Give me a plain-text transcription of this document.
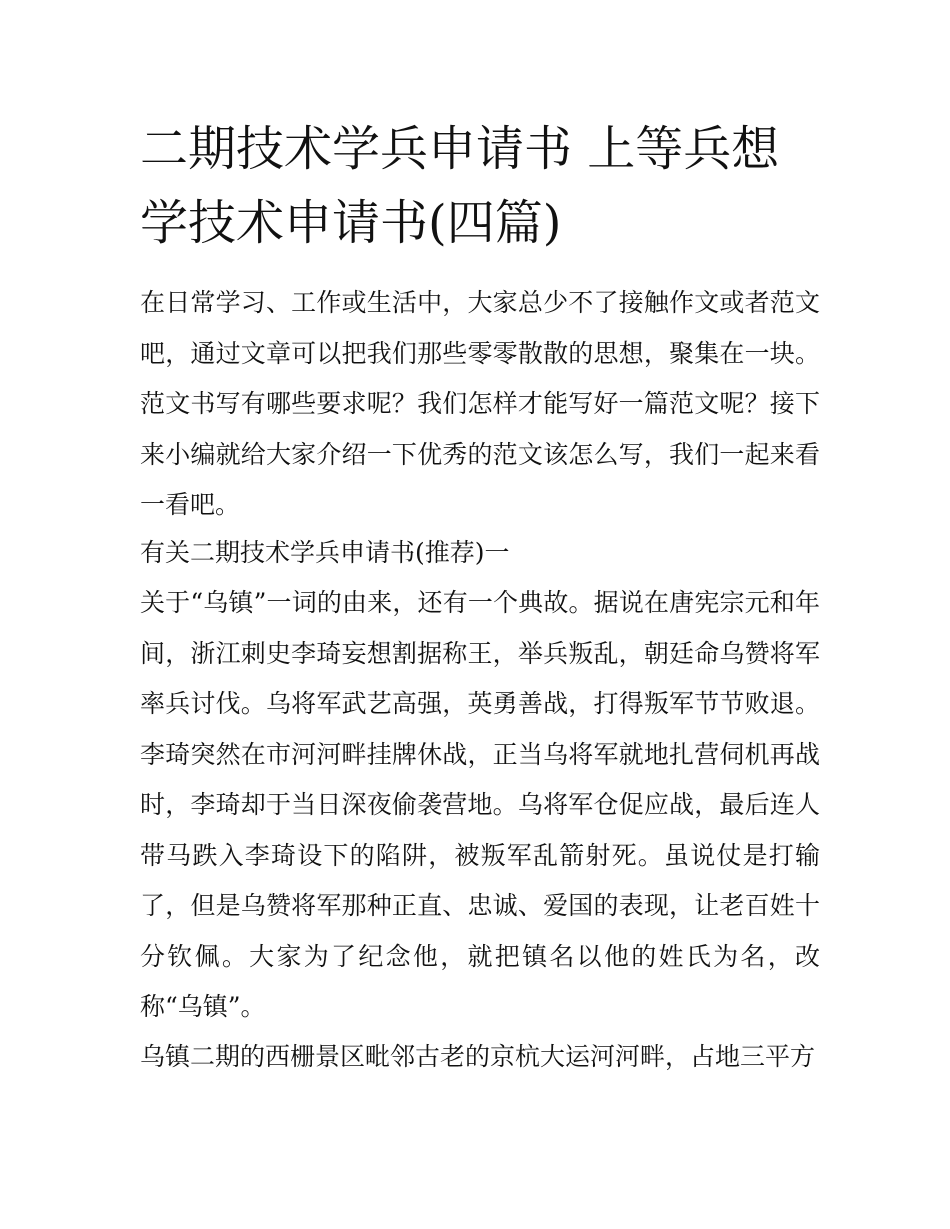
二期技术学兵申请书 上等兵想学技术申请书(四篇)

在日常学习、工作或生活中，大家总少不了接触作文或者范文吧，通过文章可以把我们那些零零散散的思想，聚集在一块。范文书写有哪些要求呢？我们怎样才能写好一篇范文呢？接下来小编就给大家介绍一下优秀的范文该怎么写，我们一起来看一看吧。

有关二期技术学兵申请书(推荐)一

关于“乌镇”一词的由来，还有一个典故。据说在唐宪宗元和年间，浙江刺史李琦妄想割据称王，举兵叛乱，朝廷命乌赞将军率兵讨伐。乌将军武艺高强，英勇善战，打得叛军节节败退。李琦突然在市河河畔挂牌休战，正当乌将军就地扎营伺机再战时，李琦却于当日深夜偷袭营地。乌将军仓促应战，最后连人带马跌入李琦设下的陷阱，被叛军乱箭射死。虽说仗是打输了，但是乌赞将军那种正直、忠诚、爱国的表现，让老百姓十分钦佩。大家为了纪念他，就把镇名以他的姓氏为名，改称“乌镇”。

乌镇二期的西栅景区毗邻古老的京杭大运河河畔，占地三平方
